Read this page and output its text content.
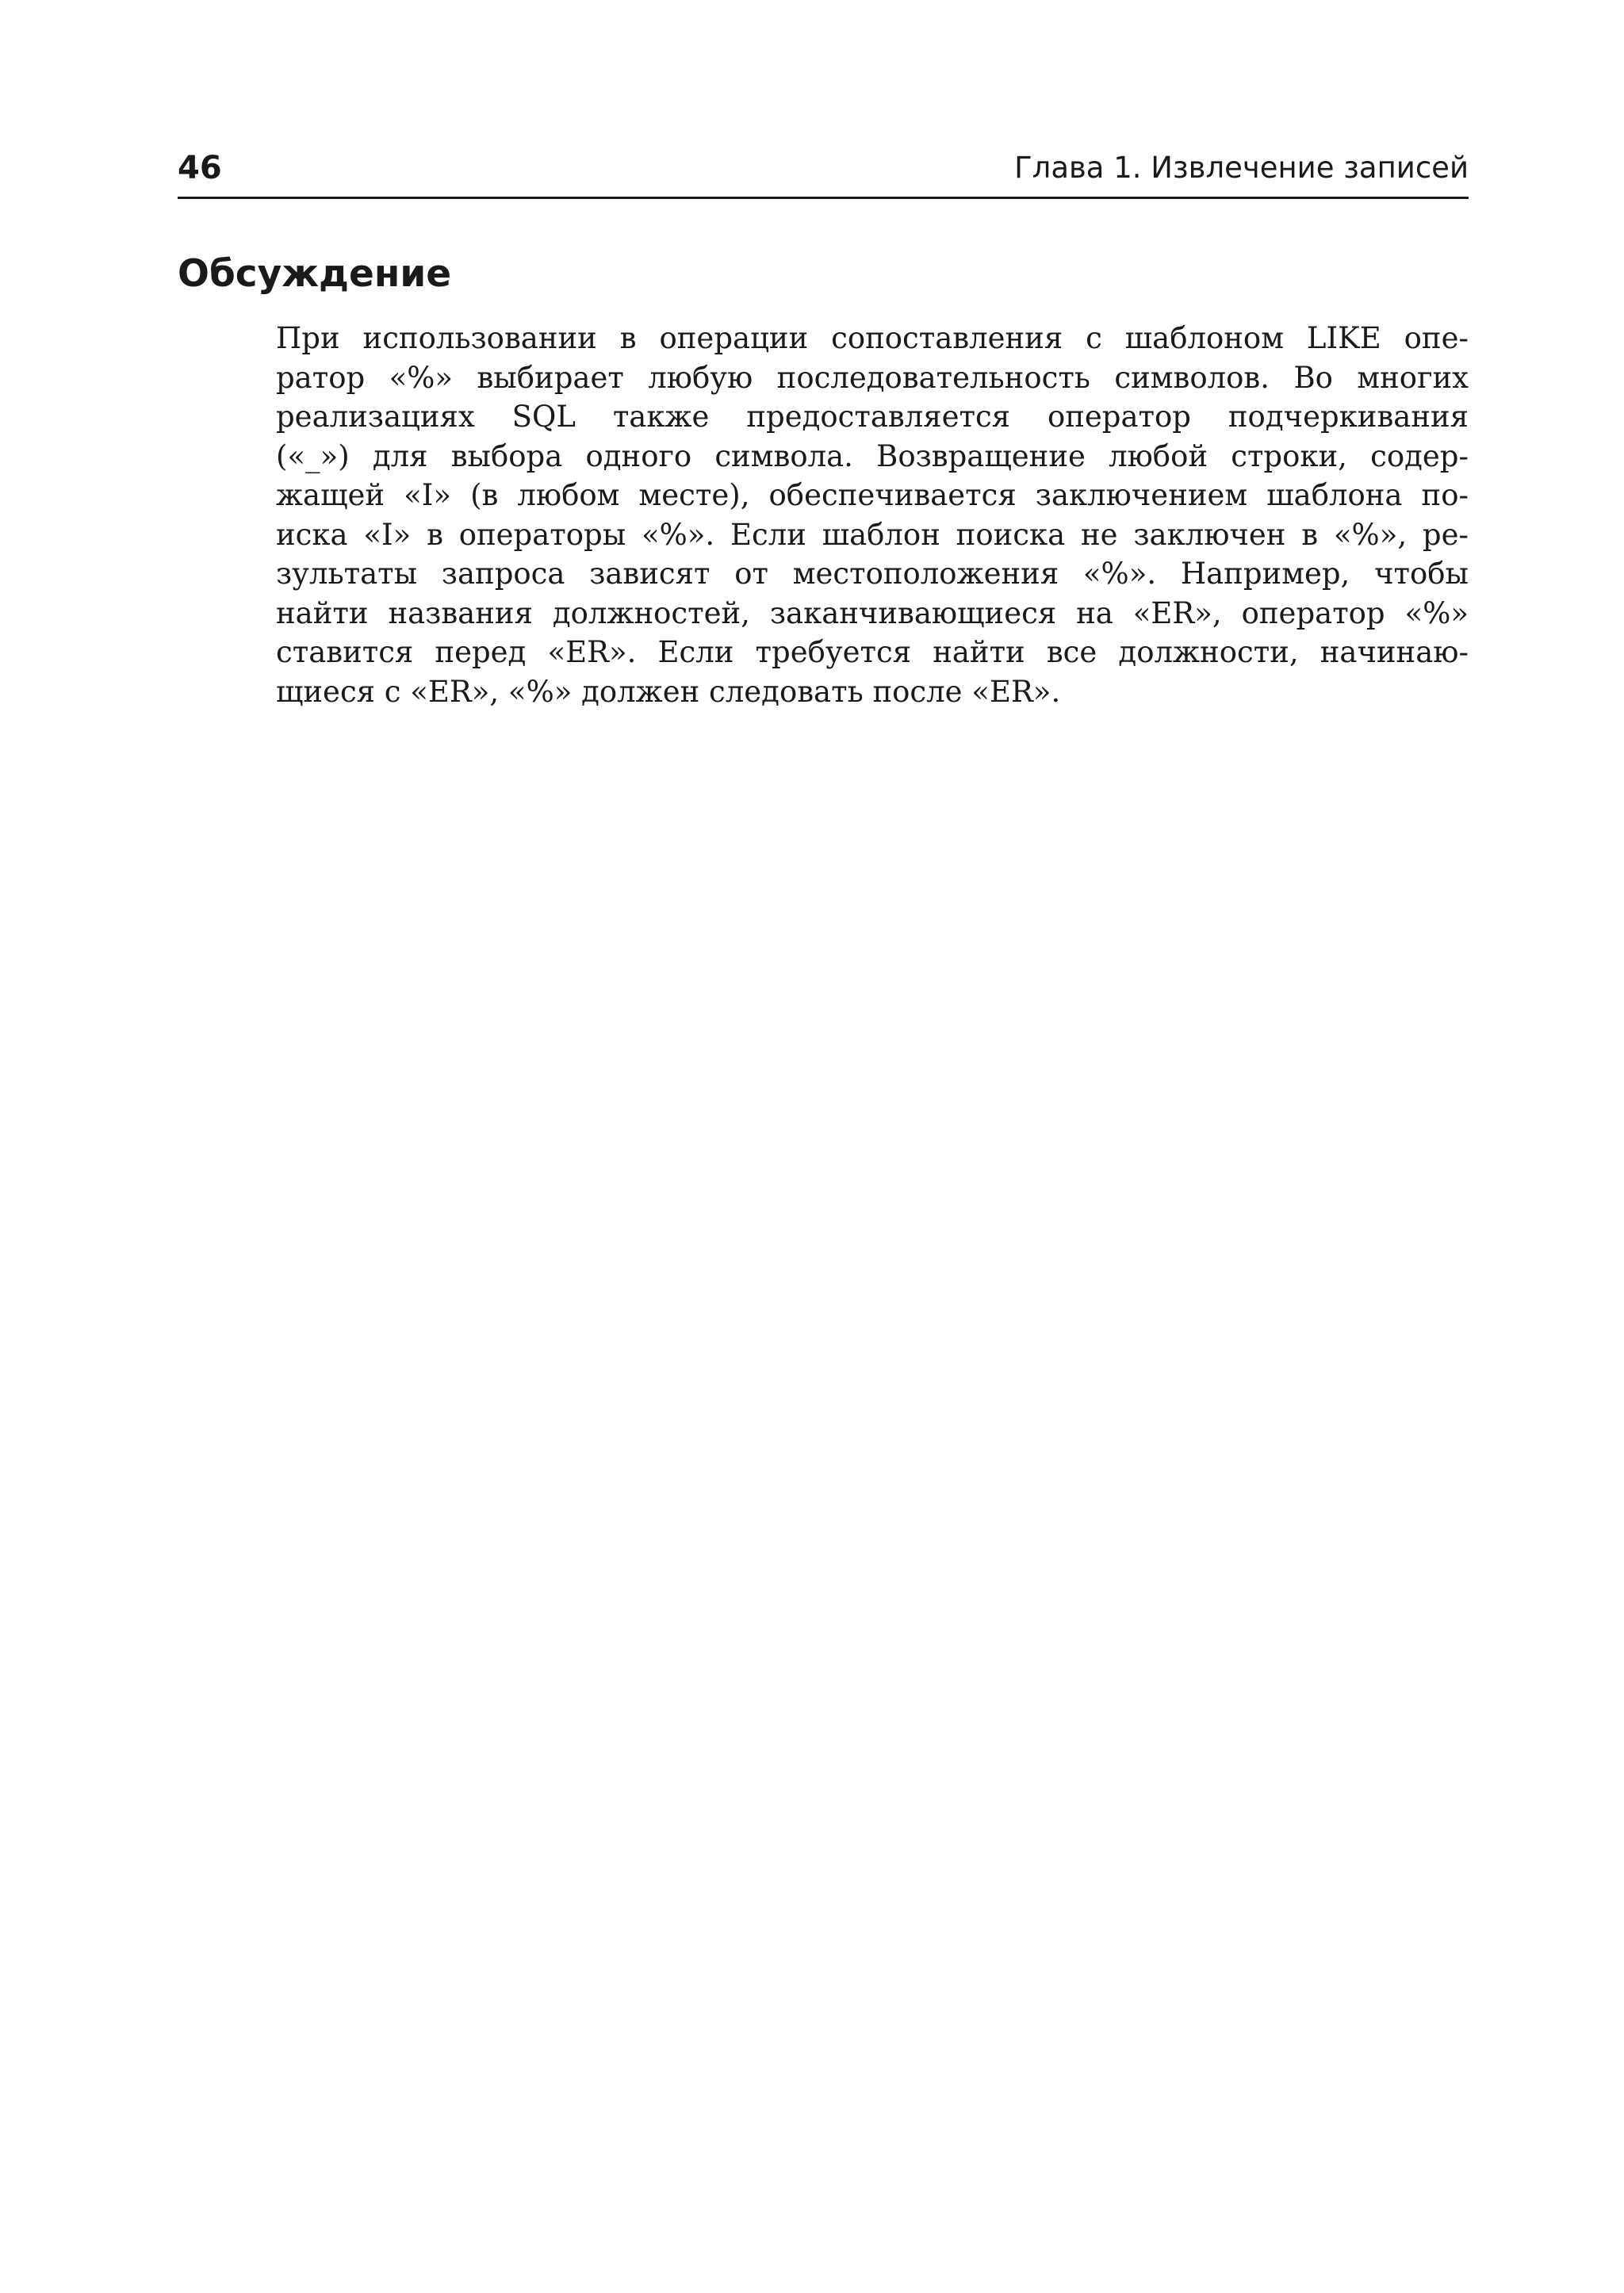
46	Глава 1. Извлечение записей
Обсуждение
При использовании в операции сопоставления с шаблоном LIKE опе-
ратор «%» выбирает любую последовательность символов. Во многих
реализациях SQL также предоставляется оператор подчеркивания
(«_») для выбора одного символа. Возвращение любой строки, содер-
жащей «I» (в любом месте), обеспечивается заключением шаблона по-
иска «I» в операторы «%». Если шаблон поиска не заключен в «%», ре-
зультаты запроса зависят от местоположения «%». Например, чтобы
найти названия должностей, заканчивающиеся на «ER», оператор «%»
ставится перед «ER». Если требуется найти все должности, начинаю-
щиеся с «ER», «%» должен следовать после «ER».
